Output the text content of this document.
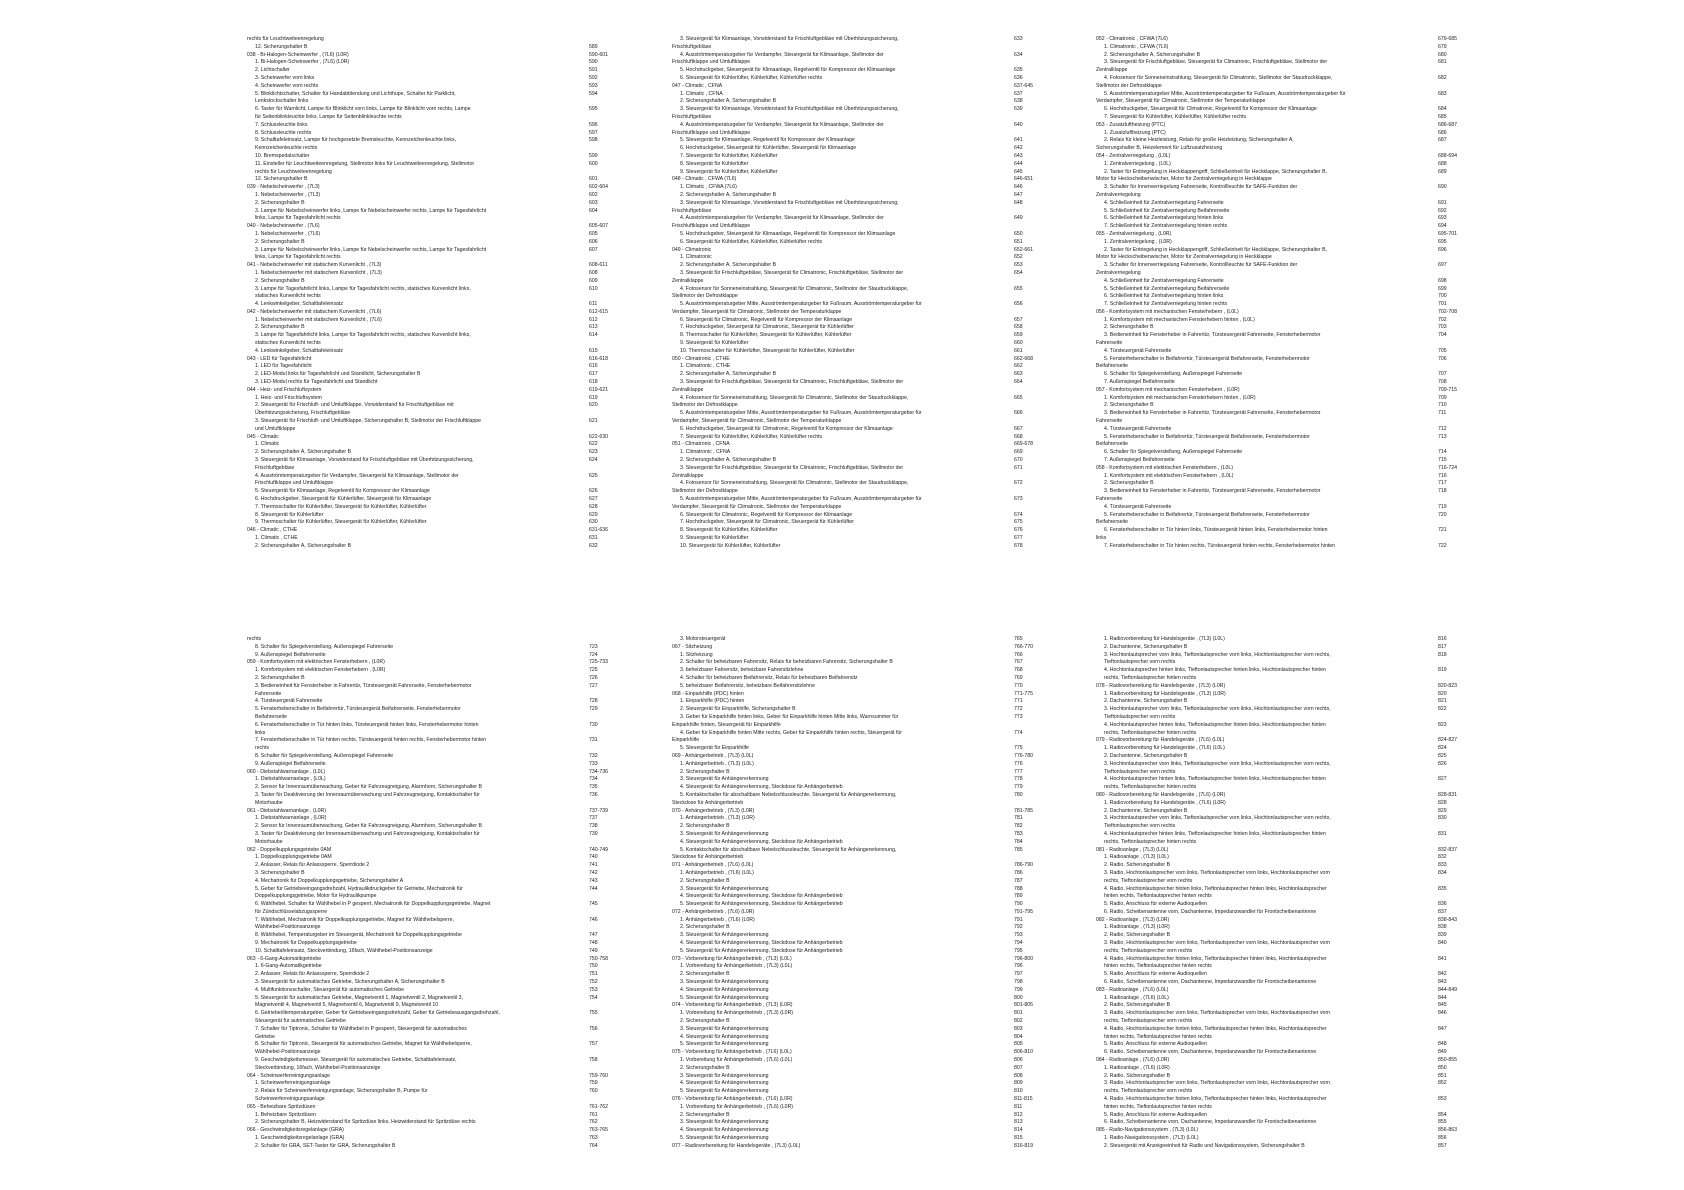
rechts für Leuchtweiteenregelung
12. Sicherungshalter B	589
038 - Bi-Halogen-Scheinwerfer , (7L6) (L0R)	590-601
1. Bi-Halogen-Scheinwerfer , (7L6) (L0R)	590
2. Lichtschalter	591
3. Scheinwerfer vorn links	592
4. Scheinwerfer vorn rechts	593
5. Blinklichtschalter, Schalter für Handabblendung und Lichthupe, Schalter für Parklicht,	594
Lenkstockschalter links
6. Taster für Warnlicht, Lampe für Blinklicht vorn links, Lampe für Blinklicht vorn rechts, Lampe	595
für Seitenblinkleuchte links, Lampe für Seitenblinkleuchte rechts
7. Schlussleuchte links	596
8. Schlussleuchte rechts	597
9. Schalttafeleinsatz, Lampe für hochgesetzte Bremsleuchte, Kennzeichenleuchte links,	598
Kennzeichenleuchte rechts
10. Bremspedalschalter	599
11. Einsteller für Leuchtweiteenregelung, Stellmotor links für Leuchtweiteenregelung, Stellmotor	600
rechts für Leuchtweiteenregelung
12. Sicherungshalter B	601
039 - Nebelscheinwerfer , (7L3)	602-604
1. Nebelscheinwerfer , (7L3)	602
2. Sicherungshalter B	603
3. Lampe für Nebelscheinwerfer links, Lampe für Nebelscheinwerfer rechts, Lampe für Tagesfahrlicht	604
links, Lampe für Tagesfahrlicht rechts
040 - Nebelscheinwerfer , (7L6)	605-607
1. Nebelscheinwerfer , (7L6)	605
2. Sicherungshalter B	606
3. Lampe für Nebelscheinwerfer links, Lampe für Nebelscheinwerfer rechts, Lampe für Tagesfahrlicht	607
links, Lampe für Tagesfahrlicht rechts
041 - Nebelscheinwerfer mit statischem Kurvenlicht , (7L3)	608-611
1. Nebelscheinwerfer mit statischem Kurvenlicht , (7L3)	608
2. Sicherungshalter B	609
3. Lampe für Tagesfahrlicht links, Lampe für Tagesfahrlicht rechts, statisches Kurvenlicht links,	610
statisches Kurvenlicht rechts
4. Lenkwinkelgeber, Schalttafeleinsatz	611
042 - Nebelscheinwerfer mit statischem Kurvenlicht , (7L6)	612-615
1. Nebelscheinwerfer mit statischem Kurvenlicht , (7L6)	612
2. Sicherungshalter B	613
3. Lampe für Tagesfahrlicht links, Lampe für Tagesfahrlicht rechts, statisches Kurvenlicht links,	614
statisches Kurvenlicht rechts
4. Lenkwinkelgeber, Schalttafeleinsatz	615
043 - LED für Tagesfahrlicht	616-618
1. LED für Tagesfahrlicht	616
2. LED-Modul links für Tagesfahrlicht und Standlicht, Sicherungshalter B	617
3. LED-Modul rechts für Tagesfahrlicht und Standlicht	618
044 - Heiz- und Frischluftsystem	619-621
1. Heiz- und Frischluftsystem	619
2. Steuergerät für Frischluft- und Umluftklappe, Vorwiderstand für Frischluftgebläse mit	620
Überhitzungssicherung, Frischluftgebläse
3. Steuergerät für Frischluft- und Umluftklappe, Sicherungshalter B, Stellmotor der Frischluftklappe	621
und Umluftklappe
045 - Climatic	622-630
1. Climatic	622
2. Sicherungshalter A, Sicherungshalter B	623
3. Steuergerät für Klimaanlage, Vorwiderstand für Frischluftgebläse mit Überhitzungssicherung,	624
Frischluftgebläse
4. Ausströmtemperaturgeber für Verdampfer, Steuergerät für Klimaanlage, Stellmotor der	625
Frischluftklappe und Umluftklappe
5. Steuergerät für Klimaanlage, Regelventil für Kompressor der Klimaanlage	626
6. Hochdruckgeber, Steuergerät für Kühlerlüfter, Steuergerät für Klimaanlage	627
7. Thermoschalter für Kühlerlüfter, Steuergerät für Kühlerlüfter, Kühlerlüfter	628
8. Steuergerät für Kühlerlüfter	629
9. Thermoschalter für Kühlerlüfter, Steuergerät für Kühlerlüfter, Kühlerlüfter	630
046 - Climatic , CTHE	631-636
1. Climatic , CTHE	631
2. Sicherungshalter A, Sicherungshalter B	632
3. Steuergerät für Klimaanlage, Vorwiderstand für Frischluftgebläse mit Überhitzungssicherung,	633
Frischluftgebläse
4. Ausströmtemperaturgeber für Verdampfer, Steuergerät für Klimaanlage, Stellmotor der	634
Frischluftklappe und Umluftklappe
5. Hochdruckgeber, Steuergerät für Klimaanlage, Regelventil für Kompressor der Klimaanlage	635
6. Steuergerät für Kühlerlüfter, Kühlerlüfter, Kühlerlüfter rechts	636
047 - Climatic , CFNA	637-645
1. Climatic , CFNA	637
2. Sicherungshalter A, Sicherungshalter B	638
3. Steuergerät für Klimaanlage, Vorwiderstand für Frischluftgebläse mit Überhitzungssicherung,	639
Frischluftgebläse
4. Ausströmtemperaturgeber für Verdampfer, Steuergerät für Klimaanlage, Stellmotor der	640
Frischluftklappe und Umluftklappe
5. Steuergerät für Klimaanlage, Regelventil für Kompressor der Klimaanlage	641
6. Hochdruckgeber, Steuergerät für Kühlerlüfter, Steuergerät für Klimaanlage	642
7. Steuergerät für Kühlerlüfter, Kühlerlüfter	643
8. Steuergerät für Kühlerlüfter	644
9. Steuergerät für Kühlerlüfter, Kühlerlüfter	645
048 - Climatic , CFWA (7L6)	646-651
1. Climatic , CFWA (7L6)	646
2. Sicherungshalter A, Sicherungshalter B	647
3. Steuergerät für Klimaanlage, Vorwiderstand für Frischluftgebläse mit Überhitzungssicherung,	648
Frischluftgebläse
4. Ausströmtemperaturgeber für Verdampfer, Steuergerät für Klimaanlage, Stellmotor der	649
Frischluftklappe und Umluftklappe
5. Hochdruckgeber, Steuergerät für Klimaanlage, Regelventil für Kompressor der Klimaanlage	650
6. Steuergerät für Kühlerlüfter, Kühlerlüfter, Kühlerlüfter rechts	651
049 - Climatronic	652-661
1. Climatronic	652
2. Sicherungshalter A, Sicherungshalter B	653
3. Steuergerät für Frischluftgebläse, Steuergerät für Climatronic, Frischluftgebläse, Stellmotor der	654
Zentralklappe
4. Fotosensor für Sonneneinstrahlung, Steuergerät für Climatronic, Stellmotor der Staudruckklappe,	655
Stellmotor der Defrostklappe
5. Ausströmtemperaturgeber Mitte, Ausströmtemperaturgeber für Fußraum, Ausströmtemperaturgeber für	656
Verdampfer, Steuergerät für Climatronic, Stellmotor der Temperaturklappe
6. Steuergerät für Climatronic, Regelventil für Kompressor der Klimaanlage	657
7. Hochdruckgeber, Steuergerät für Climatronic, Steuergerät für Kühlerlüfter	658
8. Thermoschalter für Kühlerlüfter, Steuergerät für Kühlerlüfter, Kühlerlüfter	659
9. Steuergerät für Kühlerlüfter	660
10. Thermoschalter für Kühlerlüfter, Steuergerät für Kühlerlüfter, Kühlerlüfter	661
050 - Climatronic , CTHE	662-668
1. Climatronic , CTHE	662
2. Sicherungshalter A, Sicherungshalter B	663
3. Steuergerät für Frischluftgebläse, Steuergerät für Climatronic, Frischluftgebläse, Stellmotor der	664
Zentralklappe
4. Fotosensor für Sonneneinstrahlung, Steuergerät für Climatronic, Stellmotor der Staudruckklappe,	665
Stellmotor der Defrostklappe
5. Ausströmtemperaturgeber Mitte, Ausströmtemperaturgeber für Fußraum, Ausströmtemperaturgeber für	666
Verdampfer, Steuergerät für Climatronic, Stellmotor der Temperaturklappe
6. Hochdruckgeber, Steuergerät für Climatronic, Regelventil für Kompressor der Klimaanlage	667
7. Steuergerät für Kühlerlüfter, Kühlerlüfter, Kühlerlüfter rechts	668
051 - Climatronic , CFNA	669-678
1. Climatronic , CFNA	669
2. Sicherungshalter A, Sicherungshalter B	670
3. Steuergerät für Frischluftgebläse, Steuergerät für Climatronic, Frischluftgebläse, Stellmotor der	671
Zentralklappe
4. Fotosensor für Sonneneinstrahlung, Steuergerät für Climatronic, Stellmotor der Staudruckklappe,	672
Stellmotor der Defrostklappe
5. Ausströmtemperaturgeber Mitte, Ausströmtemperaturgeber für Fußraum, Ausströmtemperaturgeber für	673
Verdampfer, Steuergerät für Climatronic, Stellmotor der Temperaturklappe
6. Steuergerät für Climatronic, Regelventil für Kompressor der Klimaanlage	674
7. Hochdruckgeber, Steuergerät für Climatronic, Steuergerät für Kühlerlüfter	675
8. Steuergerät für Kühlerlüfter, Kühlerlüfter	676
9. Steuergerät für Kühlerlüfter	677
10. Steuergerät für Kühlerlüfter, Kühlerlüfter	678
052 - Climatronic , CFWA (7L6)	679-685
1. Climatronic , CFWA (7L6)	679
2. Sicherungshalter A, Sicherungshalter B	680
3. Steuergerät für Frischluftgebläse, Steuergerät für Climatronic, Frischluftgebläse, Stellmotor der	681
Zentralklappe
4. Fotosensor für Sonneneinstrahlung, Steuergerät für Climatronic, Stellmotor der Staudruckklappe,	682
Stellmotor der Defrostklappe
5. Ausströmtemperaturgeber Mitte, Ausströmtemperaturgeber für Fußraum, Ausströmtemperaturgeber für	683
Verdampfer, Steuergerät für Climatronic, Stellmotor der Temperaturklappe
6. Hochdruckgeber, Steuergerät für Climatronic, Regelventil für Kompressor der Klimaanlage	684
7. Steuergerät für Kühlerlüfter, Kühlerlüfter, Kühlerlüfter rechts	685
053 - Zusatzluftheizung (PTC)	686-687
1. Zusatzluftheizung (PTC)	686
2. Relais für kleine Heizleistung, Relais für große Heizleistung, Sicherungshalter A,	687
Sicherungshalter B, Heizelement für Luftzusatzheizung
054 - Zentralverriegelung , (L0L)	688-694
1. Zentralverriegelung , (L0L)	688
2. Taster für Entriegelung in Heckklappengriff, Schließeinheit für Heckklappe, Sicherungshalter B,	689
Motor für Heckscheibenwischer, Motor für Zentralverriegelung in Heckklappe
3. Schalter für Innenverriegelung Fahrerseite, Kontrollleuchte für SAFE-Funktion der	690
Zentralverriegelung
4. Schließeinheit für Zentralverriegelung Fahrerseite	691
5. Schließeinheit für Zentralverriegelung Beifahrerseite	692
6. Schließeinheit für Zentralverriegelung hinten links	693
7. Schließeinheit für Zentralverriegelung hinten rechts	694
055 - Zentralverriegelung , (L0R)	695-701
1. Zentralverriegelung , (L0R)	695
2. Taster für Entriegelung in Heckklappengriff, Schließeinheit für Heckklappe, Sicherungshalter B,	696
Motor für Heckscheibenwischer, Motor für Zentralverriegelung in Heckklappe
3. Schalter für Innenverriegelung Fahrerseite, Kontrollleuchte für SAFE-Funktion der	697
Zentralverriegelung
4. Schließeinheit für Zentralverriegelung Fahrerseite	698
5. Schließeinheit für Zentralverriegelung Beifahrerseite	699
6. Schließeinheit für Zentralverriegelung hinten links	700
7. Schließeinheit für Zentralverriegelung hinten rechts	701
056 - Komfortsystem mit mechanischen Fensterhebern , (L0L)	702-708
1. Komfortsystem mit mechanischen Fensterhebern hinten , (L0L)	702
2. Sicherungshalter B	703
3. Bedieneinheit für Fensterheber in Fahrertür, Türsteuergerät Fahrerseite, Fensterhebermotor	704
Fahrerseite
4. Türsteuergerät Fahrerseite	705
5. Fensterheberschalter in Beifahrertür, Türsteuergerät Beifahrerseite, Fensterhebermotor	706
Beifahrerseite
6. Schalter für Spiegelverstellung, Außenspiegel Fahrerseite	707
7. Außenspiegel Beifahrerseite	708
057 - Komfortsystem mit mechanischen Fensterhebern , (L0R)	709-715
1. Komfortsystem mit mechanischen Fensterhebern hinten , (L0R)	709
2. Sicherungshalter B	710
3. Bedieneinheit für Fensterheber in Fahrertür, Türsteuergerät Fahrerseite, Fensterhebermotor	711
Fahrerseite
4. Türsteuergerät Fahrerseite	712
5. Fensterheberschalter in Beifahrertür, Türsteuergerät Beifahrerseite, Fensterhebermotor	713
Beifahrerseite
6. Schalter für Spiegelverstellung, Außenspiegel Fahrerseite	714
7. Außenspiegel Beifahrerseite	715
058 - Komfortsystem mit elektrischen Fensterhebern , (L0L)	716-724
1. Komfortsystem mit elektrischen Fensterhebern , (L0L)	716
2. Sicherungshalter B	717
3. Bedieneinheit für Fensterheber in Fahrertür, Türsteuergerät Fahrerseite, Fensterhebermotor	718
Fahrerseite
4. Türsteuergerät Fahrerseite	719
5. Fensterheberschalter in Beifahrertür, Türsteuergerät Beifahrerseite, Fensterhebermotor	720
Beifahrerseite
6. Fensterheberschalter in Tür hinten links, Türsteuergerät hinten links, Fensterhebermotor hinten	721
links
7. Fensterheberschalter in Tür hinten rechts, Türsteuergerät hinten rechts, Fensterhebermotor hinten	722
rechts
8. Schalter für Spiegelverstellung, Außenspiegel Fahrerseite	723
9. Außenspiegel Beifahrerseite	724
059 - Komfortsystem mit elektrischen Fensterhebern , (L0R)	725-733
1. Komfortsystem mit elektrischen Fensterhebern , (L0R)	725
2. Sicherungshalter B	726
3. Bedieneinheit für Fensterheber in Fahrertür, Türsteuergerät Fahrerseite, Fensterhebermotor	727
Fahrerseite
4. Türsteuergerät Fahrerseite	728
5. Fensterheberschalter in Beifahrertür, Türsteuergerät Beifahrerseite, Fensterhebermotor	729
Beifahrerseite
6. Fensterheberschalter in Tür hinten links, Türsteuergerät hinten links, Fensterhebermotor hinten	730
links
7. Fensterheberschalter in Tür hinten rechts, Türsteuergerät hinten rechts, Fensterhebermotor hinten	731
rechts
8. Schalter für Spiegelverstellung, Außenspiegel Fahrerseite	732
9. Außenspiegel Beifahrerseite	733
060 - Diebstahlwarnanlage , (L0L)	734-736
1. Diebstahlwarnanlage , (L0L)	734
2. Sensor für Innenraumüberwachung, Geber für Fahrzeugneigung, Alarmhorn, Sicherungshalter B	735
3. Taster für Deaktivierung der Innenraumüberwachung und Fahrzeugneigung, Kontaktschalter für	736
Motorhaube
061 - Diebstahlwarnanlage , (L0R)	737-739
1. Diebstahlwarnanlage , (L0R)	737
2. Sensor für Innenraumüberwachung, Geber für Fahrzeugneigung, Alarmhorn, Sicherungshalter B	738
3. Taster für Deaktivierung der Innenraumüberwachung und Fahrzeugneigung, Kontaktschalter für	739
Motorhaube
062 - Doppelkupplungsgetriebe 0AM	740-749
1. Doppelkupplungsgetriebe 0AM	740
2. Anlasser, Relais für Anlasssperre, Sperrdiode 2	741
3. Sicherungshalter B	742
4. Mechatronik für Doppelkupplungsgetriebe, Sicherungshalter A	743
5. Geber für Getriebeeingangsdrehzahl, Hydraulikdruckgeber für Getriebe, Mechatronik für	744
Doppelkupplungsgetriebe, Motor für Hydraulikpumpe
6. Wählhebel, Schalter für Wählhebel in P gesperrt, Mechatronik für Doppelkupplungsgetriebe, Magnet	745
für Zündschlüsselabzugssperre
7. Wählhebel, Mechatronik für Doppelkupplungsgetriebe, Magnet für Wählhebelsperre,	746
Wählhebel-Positionsanzeige
8. Wählhebel, Temperaturgeber im Steuergerät, Mechatronik für Doppelkupplungsgetriebe	747
9. Mechatronik für Doppelkupplungsgetriebe	748
10. Schalttafeleinsatz, Steckverbindung, 16fach, Wählhebel-Positionsanzeige	749
063 - 6-Gang-Automatikgetriebe	750-758
1. 6-Gang-Automatikgetriebe	750
2. Anlasser, Relais für Anlasssperre, Sperrdiode 2	751
3. Steuergerät für automatisches Getriebe, Sicherungshalter A, Sicherungshalter B	752
4. Multifunktionsschalter, Steuergerät für automatisches Getriebe	753
5. Steuergerät für automatisches Getriebe, Magnetventil 1, Magnetventil 2, Magnetventil 3,	754
Magnetventil 4, Magnetventil 5, Magnetventil 6, Magnetventil 9, Magnetventil 10
6. Getriebeöltemperaturgeber, Geber für Getriebeeingangsdrehzahl, Geber für Getriebeausgangsdrehzahl,	755
Steuergerät für automatisches Getriebe
7. Schalter für Tiptronic, Schalter für Wählhebel in P gesperrt, Steuergerät für automatisches	756
Getriebe
8. Schalter für Tiptronic, Steuergerät für automatisches Getriebe, Magnet für Wählhebelsperre,	757
Wählhebel-Positionsanzeige
9. Geschwindigkeitsmesser, Steuergerät für automatisches Getriebe, Schalttafeleinsatz,	758
Steckverbindung, 16fach, Wählhebel-Positionsanzeige
064 - Scheinwerferreinigungsanlage	759-760
1. Scheinwerferreinigungsanlage	759
2. Relais für Scheinwerferreinigungsanlage, Sicherungshalter B, Pumpe für	760
Scheinwerferreinigungsanlage
065 - Beheizbare Spritzdüsen	761-762
1. Beheizbare Spritzdüsen	761
2. Sicherungshalter B, Heizwiderstand für Spritzdüse links, Heizwiderstand für Spritzdüse rechts	762
066 - Geschwindigkeitsregelanlage (GRA)	763-765
1. Geschwindigkeitsregelanlage (GRA)	763
2. Schalter für GRA, SET-Taster für GRA, Sicherungshalter B	764
3. Motorsteuergerät	765
067 - Sitzheizung	766-770
1. Sitzheizung	766
2. Schalter für beheizbaren Fahrersitz, Relais für beheizbaren Fahrersitz, Sicherungshalter B	767
3. beheizbarer Fahrersitz, beheizbare Fahrersitzlehne	768
4. Schalter für beheizbaren Beifahrersitz, Relais für beheizbaren Beifahrersitz	769
5. beheizbarer Beifahrersitz, beheizbare Beifahrersitzlehne	770
068 - Einparkhilfe (PDC) hinten	771-775
1. Einparkhilfe (PDC) hinten	771
2. Steuergerät für Einparkhilfe, Sicherungshalter B	772
3. Geber für Einparkhilfe hinten links, Geber für Einparkhilfe hinten Mitte links, Warnsummer für	773
Einparkhilfe hinten, Steuergerät für Einparkhilfe
4. Geber für Einparkhilfe hinten Mitte rechts, Geber für Einparkhilfe hinten rechts, Steuergerät für	774
Einparkhilfe
5. Steuergerät für Einparkhilfe	775
069 - Anhängerbetrieb , (7L3) (L0L)	776-780
1. Anhängerbetrieb , (7L3) (L0L)	776
2. Sicherungshalter B	777
3. Steuergerät für Anhängererkennung	778
4. Steuergerät für Anhängererkennung, Steckdose für Anhängerbetrieb	779
5. Kontaktschalter für abschaltbare Nebelschlussleuchte, Steuergerät für Anhängererkennung,	780
Steckdose für Anhängerbetrieb
070 - Anhängerbetrieb , (7L3) (L0R)	781-785
1. Anhängerbetrieb , (7L3) (L0R)	781
2. Sicherungshalter B	782
3. Steuergerät für Anhängererkennung	783
4. Steuergerät für Anhängererkennung, Steckdose für Anhängerbetrieb	784
5. Kontaktschalter für abschaltbare Nebelschlussleuchte, Steuergerät für Anhängererkennung,	785
Steckdose für Anhängerbetrieb
071 - Anhängerbetrieb , (7L6) (L0L)	786-790
1. Anhängerbetrieb , (7L6) (L0L)	786
2. Sicherungshalter B	787
3. Steuergerät für Anhängererkennung	788
4. Steuergerät für Anhängererkennung, Steckdose für Anhängerbetrieb	789
5. Steuergerät für Anhängererkennung, Steckdose für Anhängerbetrieb	790
072 - Anhängerbetrieb , (7L6) (L0R)	791-795
1. Anhängerbetrieb , (7L6) (L0R)	791
2. Sicherungshalter B	792
3. Steuergerät für Anhängererkennung	793
4. Steuergerät für Anhängererkennung, Steckdose für Anhängerbetrieb	794
5. Steuergerät für Anhängererkennung, Steckdose für Anhängerbetrieb	795
073 - Vorbereitung für Anhängerbetrieb , (7L3) (L0L)	796-800
1. Vorbereitung für Anhängerbetrieb , (7L3) (L0L)	796
2. Sicherungshalter B	797
3. Steuergerät für Anhängererkennung	798
4. Steuergerät für Anhängererkennung	799
5. Steuergerät für Anhängererkennung	800
074 - Vorbereitung für Anhängerbetrieb , (7L3) (L0R)	801-805
1. Vorbereitung für Anhängerbetrieb , (7L3) (L0R)	801
2. Sicherungshalter B	802
3. Steuergerät für Anhängererkennung	803
4. Steuergerät für Anhängererkennung	804
5. Steuergerät für Anhängererkennung	805
075 - Vorbereitung für Anhängerbetrieb , (7L6) (L0L)	806-810
1. Vorbereitung für Anhängerbetrieb , (7L6) (L0L)	806
2. Sicherungshalter B	807
3. Steuergerät für Anhängererkennung	808
4. Steuergerät für Anhängererkennung	809
5. Steuergerät für Anhängererkennung	810
076 - Vorbereitung für Anhängerbetrieb , (7L6) (L0R)	811-815
1. Vorbereitung für Anhängerbetrieb , (7L6) (L0R)	811
2. Sicherungshalter B	812
3. Steuergerät für Anhängererkennung	813
4. Steuergerät für Anhängererkennung	814
5. Steuergerät für Anhängererkennung	815
077 - Radiovorbereitung für Handelsgeräte , (7L3) (L0L)	816-819
1. Radiovorbereitung für Handelsgeräte , (7L3) (L0L)	816
2. Dachantenne, Sicherungshalter B	817
3. Hochtonlautsprecher vorn links, Tieftonlautsprecher vorn links, Hochtonlautsprecher vorn rechts,	818
Tieftonlautsprecher vorn rechts
4. Hochtonlautsprecher hinten links, Tieftonlautsprecher hinten links, Hochtonlautsprecher hinten	819
rechts, Tieftonlautsprecher hinten rechts
078 - Radiovorbereitung für Handelsgeräte , (7L3) (L0R)	820-823
1. Radiovorbereitung für Handelsgeräte , (7L3) (L0R)	820
2. Dachantenne, Sicherungshalter B	821
3. Hochtonlautsprecher vorn links, Tieftonlautsprecher vorn links, Hochtonlautsprecher vorn rechts,	822
Tieftonlautsprecher vorn rechts
4. Hochtonlautsprecher hinten links, Tieftonlautsprecher hinten links, Hochtonlautsprecher hinten	823
rechts, Tieftonlautsprecher hinten rechts
079 - Radiovorbereitung für Handelsgeräte , (7L6) (L0L)	824-827
1. Radiovorbereitung für Handelsgeräte , (7L6) (L0L)	824
2. Dachantenne, Sicherungshalter B	825
3. Hochtonlautsprecher vorn links, Tieftonlautsprecher vorn links, Hochtonlautsprecher vorn rechts,	826
Tieftonlautsprecher vorn rechts
4. Hochtonlautsprecher hinten links, Tieftonlautsprecher hinten links, Hochtonlautsprecher hinten	827
rechts, Tieftonlautsprecher hinten rechts
080 - Radiovorbereitung für Handelsgeräte , (7L6) (L0R)	828-831
1. Radiovorbereitung für Handelsgeräte , (7L6) (L0R)	828
2. Dachantenne, Sicherungshalter B	829
3. Hochtonlautsprecher vorn links, Tieftonlautsprecher vorn links, Hochtonlautsprecher vorn rechts,	830
Tieftonlautsprecher vorn rechts
4. Hochtonlautsprecher hinten links, Tieftonlautsprecher hinten links, Hochtonlautsprecher hinten	831
rechts, Tieftonlautsprecher hinten rechts
081 - Radioanlage , (7L3) (L0L)	832-837
1. Radioanlage , (7L3) (L0L)	832
2. Radio, Sicherungshalter B	833
3. Radio, Hochtonlautsprecher vorn links, Tieftonlautsprecher vorn links, Hochtonlautsprecher vorn	834
rechts, Tieftonlautsprecher vorn rechts
4. Radio, Hochtonlautsprecher hinten links, Tieftonlautsprecher hinten links, Hochtonlautsprecher	835
hinten rechts, Tieftonlautsprecher hinten rechts
5. Radio, Anschluss für externe Audioquellen	836
6. Radio, Scheibenantenne vorn, Dachantenne, Impedanzwandler für Frontscheibenantenne	837
082 - Radioanlage , (7L3) (L0R)	838-843
1. Radioanlage , (7L3) (L0R)	838
2. Radio, Sicherungshalter B	839
3. Radio, Hochtonlautsprecher vorn links, Tieftonlautsprecher vorn links, Hochtonlautsprecher vorn	840
rechts, Tieftonlautsprecher vorn rechts
4. Radio, Hochtonlautsprecher hinten links, Tieftonlautsprecher hinten links, Hochtonlautsprecher	841
hinten rechts, Tieftonlautsprecher hinten rechts
5. Radio, Anschluss für externe Audioquellen	842
6. Radio, Scheibenantenne vorn, Dachantenne, Impedanzwandler für Frontscheibenantenne	843
083 - Radioanlage , (7L6) (L0L)	844-849
1. Radioanlage , (7L6) (L0L)	844
2. Radio, Sicherungshalter B	845
3. Radio, Hochtonlautsprecher vorn links, Tieftonlautsprecher vorn links, Hochtonlautsprecher vorn	846
rechts, Tieftonlautsprecher vorn rechts
4. Radio, Hochtonlautsprecher hinten links, Tieftonlautsprecher hinten links, Hochtonlautsprecher	847
hinten rechts, Tieftonlautsprecher hinten rechts
5. Radio, Anschluss für externe Audioquellen	848
6. Radio, Scheibenantenne vorn, Dachantenne, Impedanzwandler für Frontscheibenantenne	849
084 - Radioanlage , (7L6) (L0R)	850-855
1. Radioanlage , (7L6) (L0R)	850
2. Radio, Sicherungshalter B	851
3. Radio, Hochtonlautsprecher vorn links, Tieftonlautsprecher vorn links, Hochtonlautsprecher vorn	852
rechts, Tieftonlautsprecher vorn rechts
4. Radio, Hochtonlautsprecher hinten links, Tieftonlautsprecher hinten links, Hochtonlautsprecher	853
hinten rechts, Tieftonlautsprecher hinten rechts
5. Radio, Anschluss für externe Audioquellen	854
6. Radio, Scheibenantenne vorn, Dachantenne, Impedanzwandler für Frontscheibenantenne	855
085 - Radio-Navigationssystem , (7L3) (L0L)	856-863
1. Radio-Navigationssystem , (7L3) (L0L)	856
2. Steuergerät mit Anzeigeeinheit für Radio und Navigationssystem, Sicherungshalter B	857
